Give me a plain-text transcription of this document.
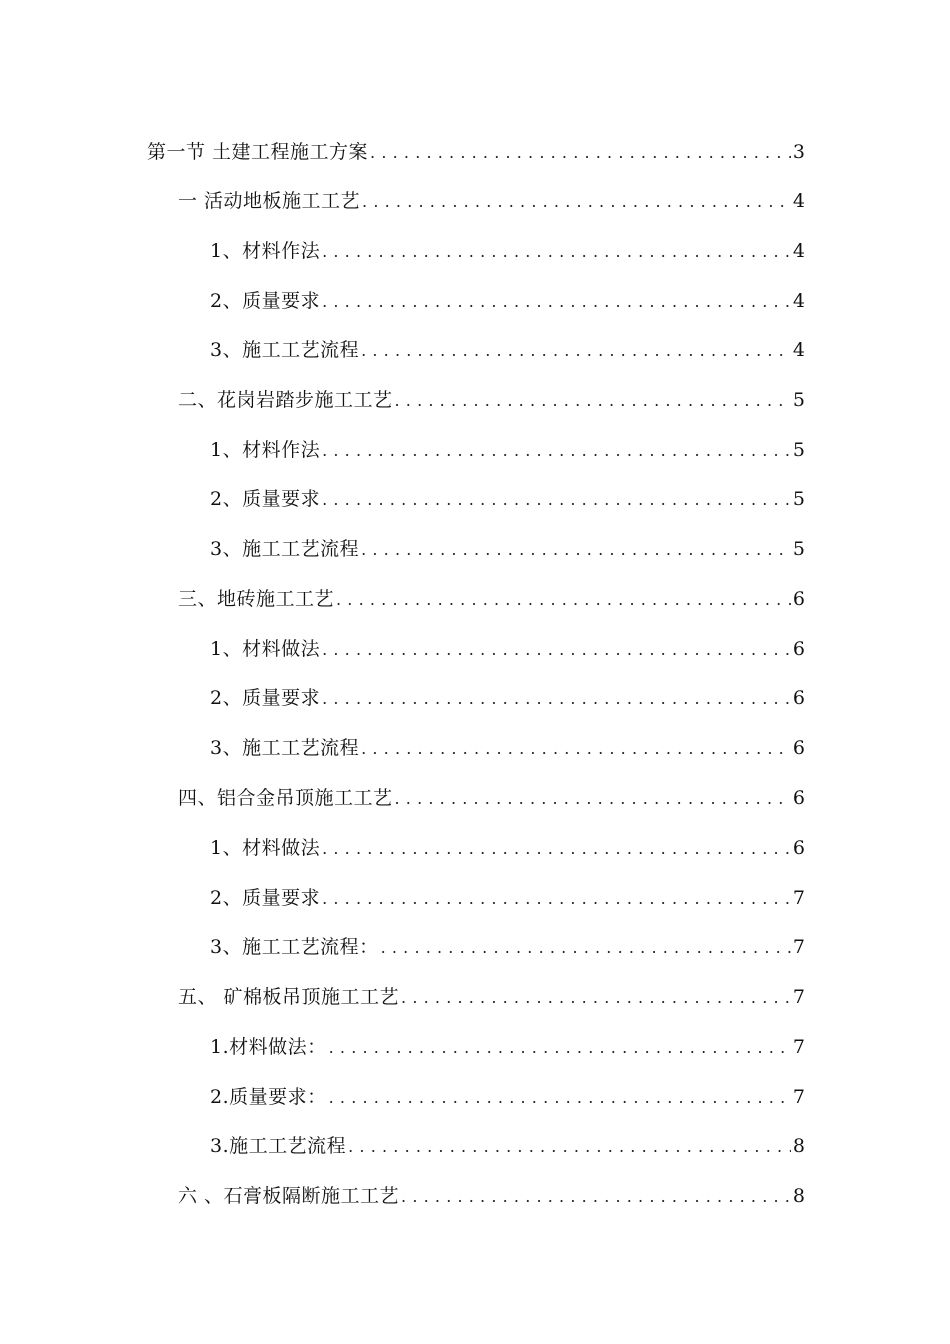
第一节 土建工程施工方案 .....	3
一 活动地板施工工艺 .....	4
1、材料作法 .....	4
2、质量要求 .....	4
3、施工工艺流程 .....	4
二、花岗岩踏步施工工艺 .....	5
1、材料作法 .....	5
2、质量要求 .....	5
3、施工工艺流程 .....	5
三、地砖施工工艺 .....	6
1、材料做法 .....	6
2、质量要求 .....	6
3、施工工艺流程 .....	6
四、铝合金吊顶施工工艺 .....	6
1、材料做法 .....	6
2、质量要求 .....	7
3、施工工艺流程： .....	7
五、 矿棉板吊顶施工工艺 .....	7
1.材料做法： .....	7
2.质量要求： .....	7
3.施工工艺流程 .....	8
六 、石膏板隔断施工工艺 .....	8
